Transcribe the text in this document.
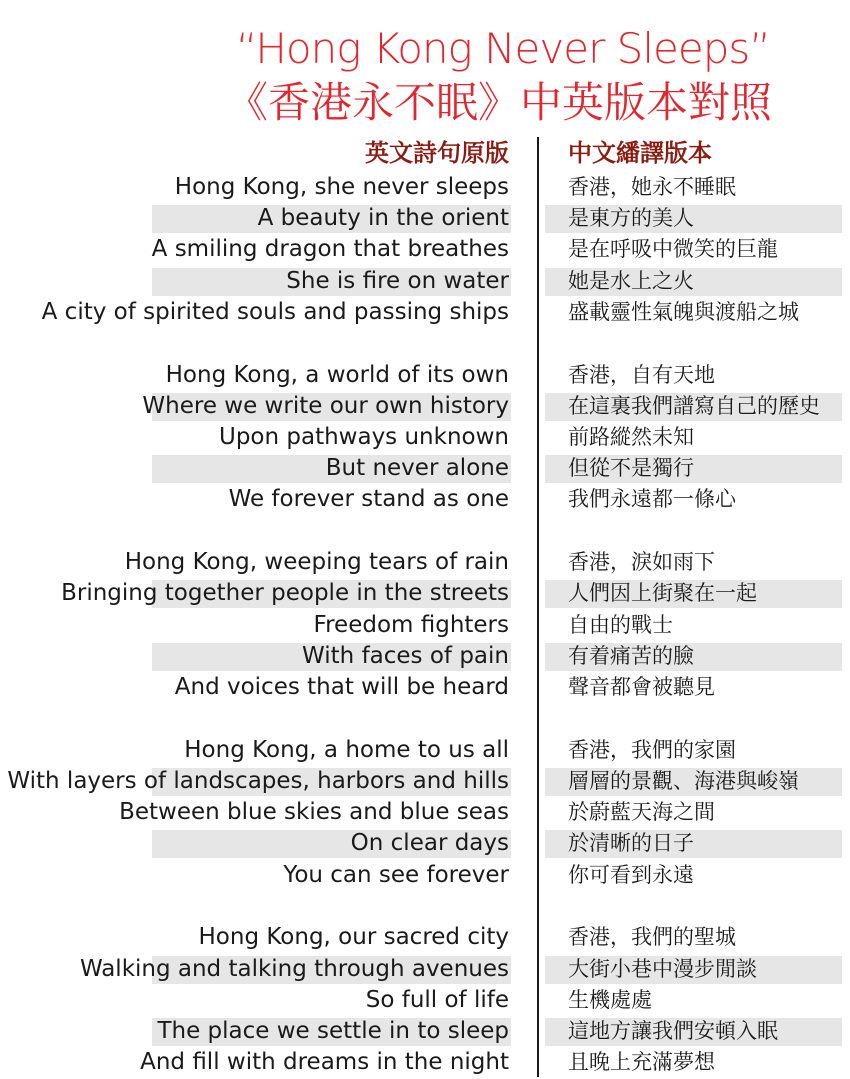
“Hong Kong Never Sleeps”
《香港永不眠》中英版本對照
英文詩句原版 中文繙譯版本
Hong Kong, she never sleeps	香港，她永不睡眠
A beauty in the orient	是東方的美人
A smiling dragon that breathes	是在呼吸中微笑的巨龍
She is fire on water	她是水上之火
A city of spirited souls and passing ships	盛載靈性氣魄與渡船之城
Hong Kong, a world of its own	香港，自有天地
Where we write our own history	在這裏我們譜寫自己的歷史
Upon pathways unknown	前路縱然未知
But never alone	但從不是獨行
We forever stand as one	我們永遠都一條心
Hong Kong, weeping tears of rain	香港，淚如雨下
Bringing together people in the streets	人們因上街聚在一起
Freedom fighters	自由的戰士
With faces of pain	有着痛苦的臉
And voices that will be heard	聲音都會被聽見
Hong Kong, a home to us all	香港，我們的家園
With layers of landscapes, harbors and hills	層層的景觀、海港與峻嶺
Between blue skies and blue seas	於蔚藍天海之間
On clear days	於清晰的日子
You can see forever	你可看到永遠
Hong Kong, our sacred city	香港，我們的聖城
Walking and talking through avenues	大街小巷中漫步閒談
So full of life	生機處處
The place we settle in to sleep	這地方讓我們安頓入眠
And fill with dreams in the night	且晚上充滿夢想
